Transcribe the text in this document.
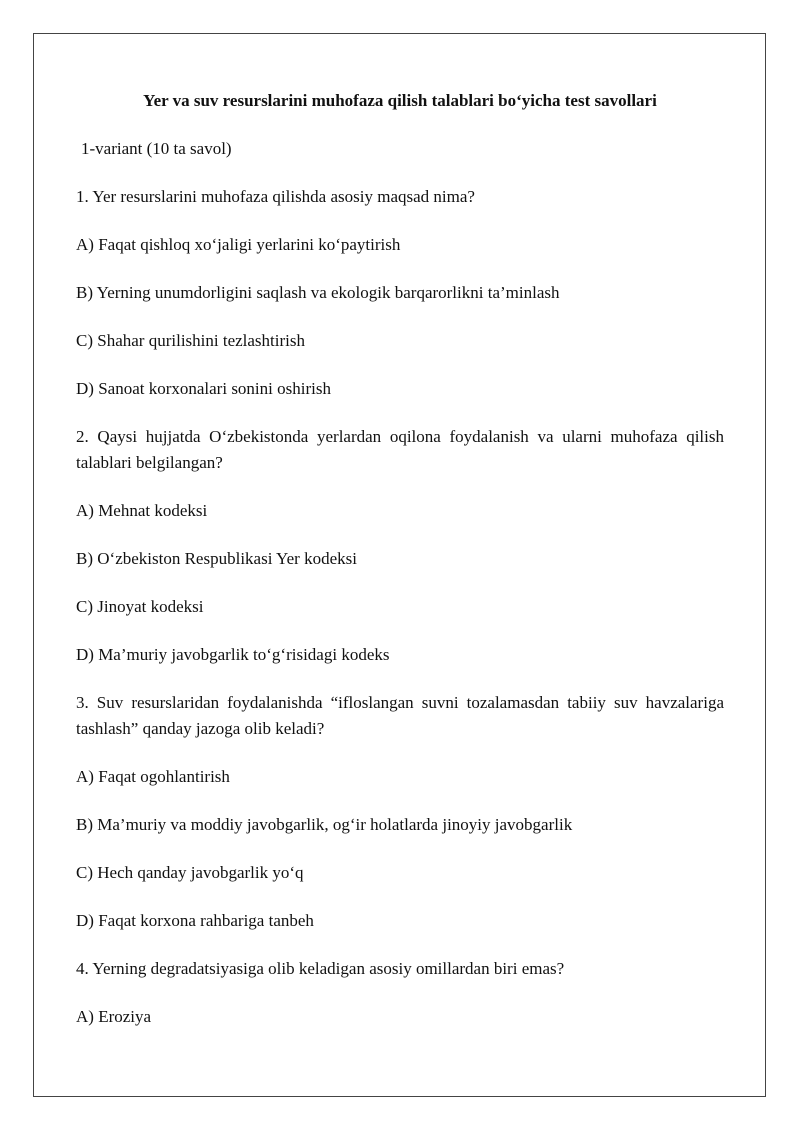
Yer va suv resurslarini muhofaza qilish talablari bo‘yicha test savollari
1-variant (10 ta savol)
1. Yer resurslarini muhofaza qilishda asosiy maqsad nima?
A) Faqat qishloq xo‘jaligi yerlarini ko‘paytirish
B) Yerning unumdorligini saqlash va ekologik barqarorlikni ta’minlash
C) Shahar qurilishini tezlashtirish
D) Sanoat korxonalari sonini oshirish
2. Qaysi hujjatda O‘zbekistonda yerlardan oqilona foydalanish va ularni muhofaza qilish talablari belgilangan?
A) Mehnat kodeksi
B) O‘zbekiston Respublikasi Yer kodeksi
C) Jinoyat kodeksi
D) Ma’muriy javobgarlik to‘g‘risidagi kodeks
3. Suv resurslaridan foydalanishda “ifloslangan suvni tozalamasdan tabiiy suv havzalariga tashlash” qanday jazoga olib keladi?
A) Faqat ogohlantirish
B) Ma’muriy va moddiy javobgarlik, og‘ir holatlarda jinoyiy javobgarlik
C) Hech qanday javobgarlik yo‘q
D) Faqat korxona rahbariga tanbeh
4. Yerning degradatsiyasiga olib keladigan asosiy omillardan biri emas?
A) Eroziya
